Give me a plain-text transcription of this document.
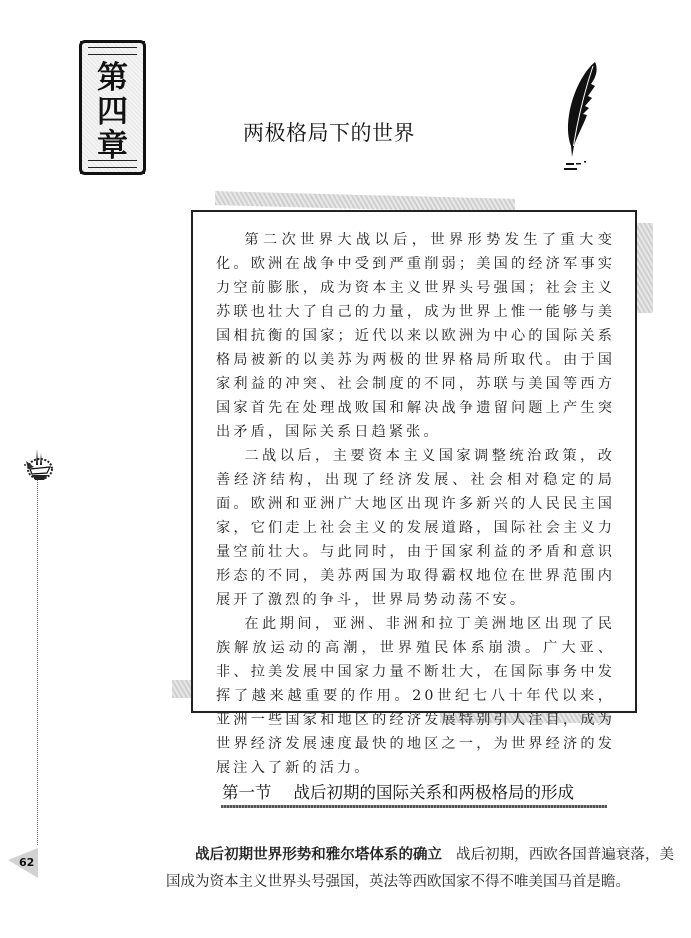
第
四
章	两极格局下的世界

第二次世界大战以后，世界形势发生了重大变化。欧洲在战争中受到严重削弱；美国的经济军事实力空前膨胀，成为资本主义世界头号强国；社会主义苏联也壮大了自己的力量，成为世界上惟一能够与美国相抗衡的国家；近代以来以欧洲为中心的国际关系格局被新的以美苏为两极的世界格局所取代。由于国家利益的冲突、社会制度的不同，苏联与美国等西方国家首先在处理战败国和解决战争遗留问题上产生突出矛盾，国际关系日趋紧张。

二战以后，主要资本主义国家调整统治政策，改善经济结构，出现了经济发展、社会相对稳定的局面。欧洲和亚洲广大地区出现许多新兴的人民民主国家，它们走上社会主义的发展道路，国际社会主义力量空前壮大。与此同时，由于国家利益的矛盾和意识形态的不同，美苏两国为取得霸权地位在世界范围内展开了激烈的争斗，世界局势动荡不安。

在此期间，亚洲、非洲和拉丁美洲地区出现了民族解放运动的高潮，世界殖民体系崩溃。广大亚、非、拉美发展中国家力量不断壮大，在国际事务中发挥了越来越重要的作用。20世纪七八十年代以来，亚洲一些国家和地区的经济发展特别引人注目，成为世界经济发展速度最快的地区之一，为世界经济的发展注入了新的活力。

62
第一节 战后初期的国际关系和两极格局的形成

战后初期世界形势和雅尔塔体系的确立 战后初期，西欧各国普遍衰落，美国成为资本主义世界头号强国，英法等西欧国家不得不唯美国马首是瞻。
